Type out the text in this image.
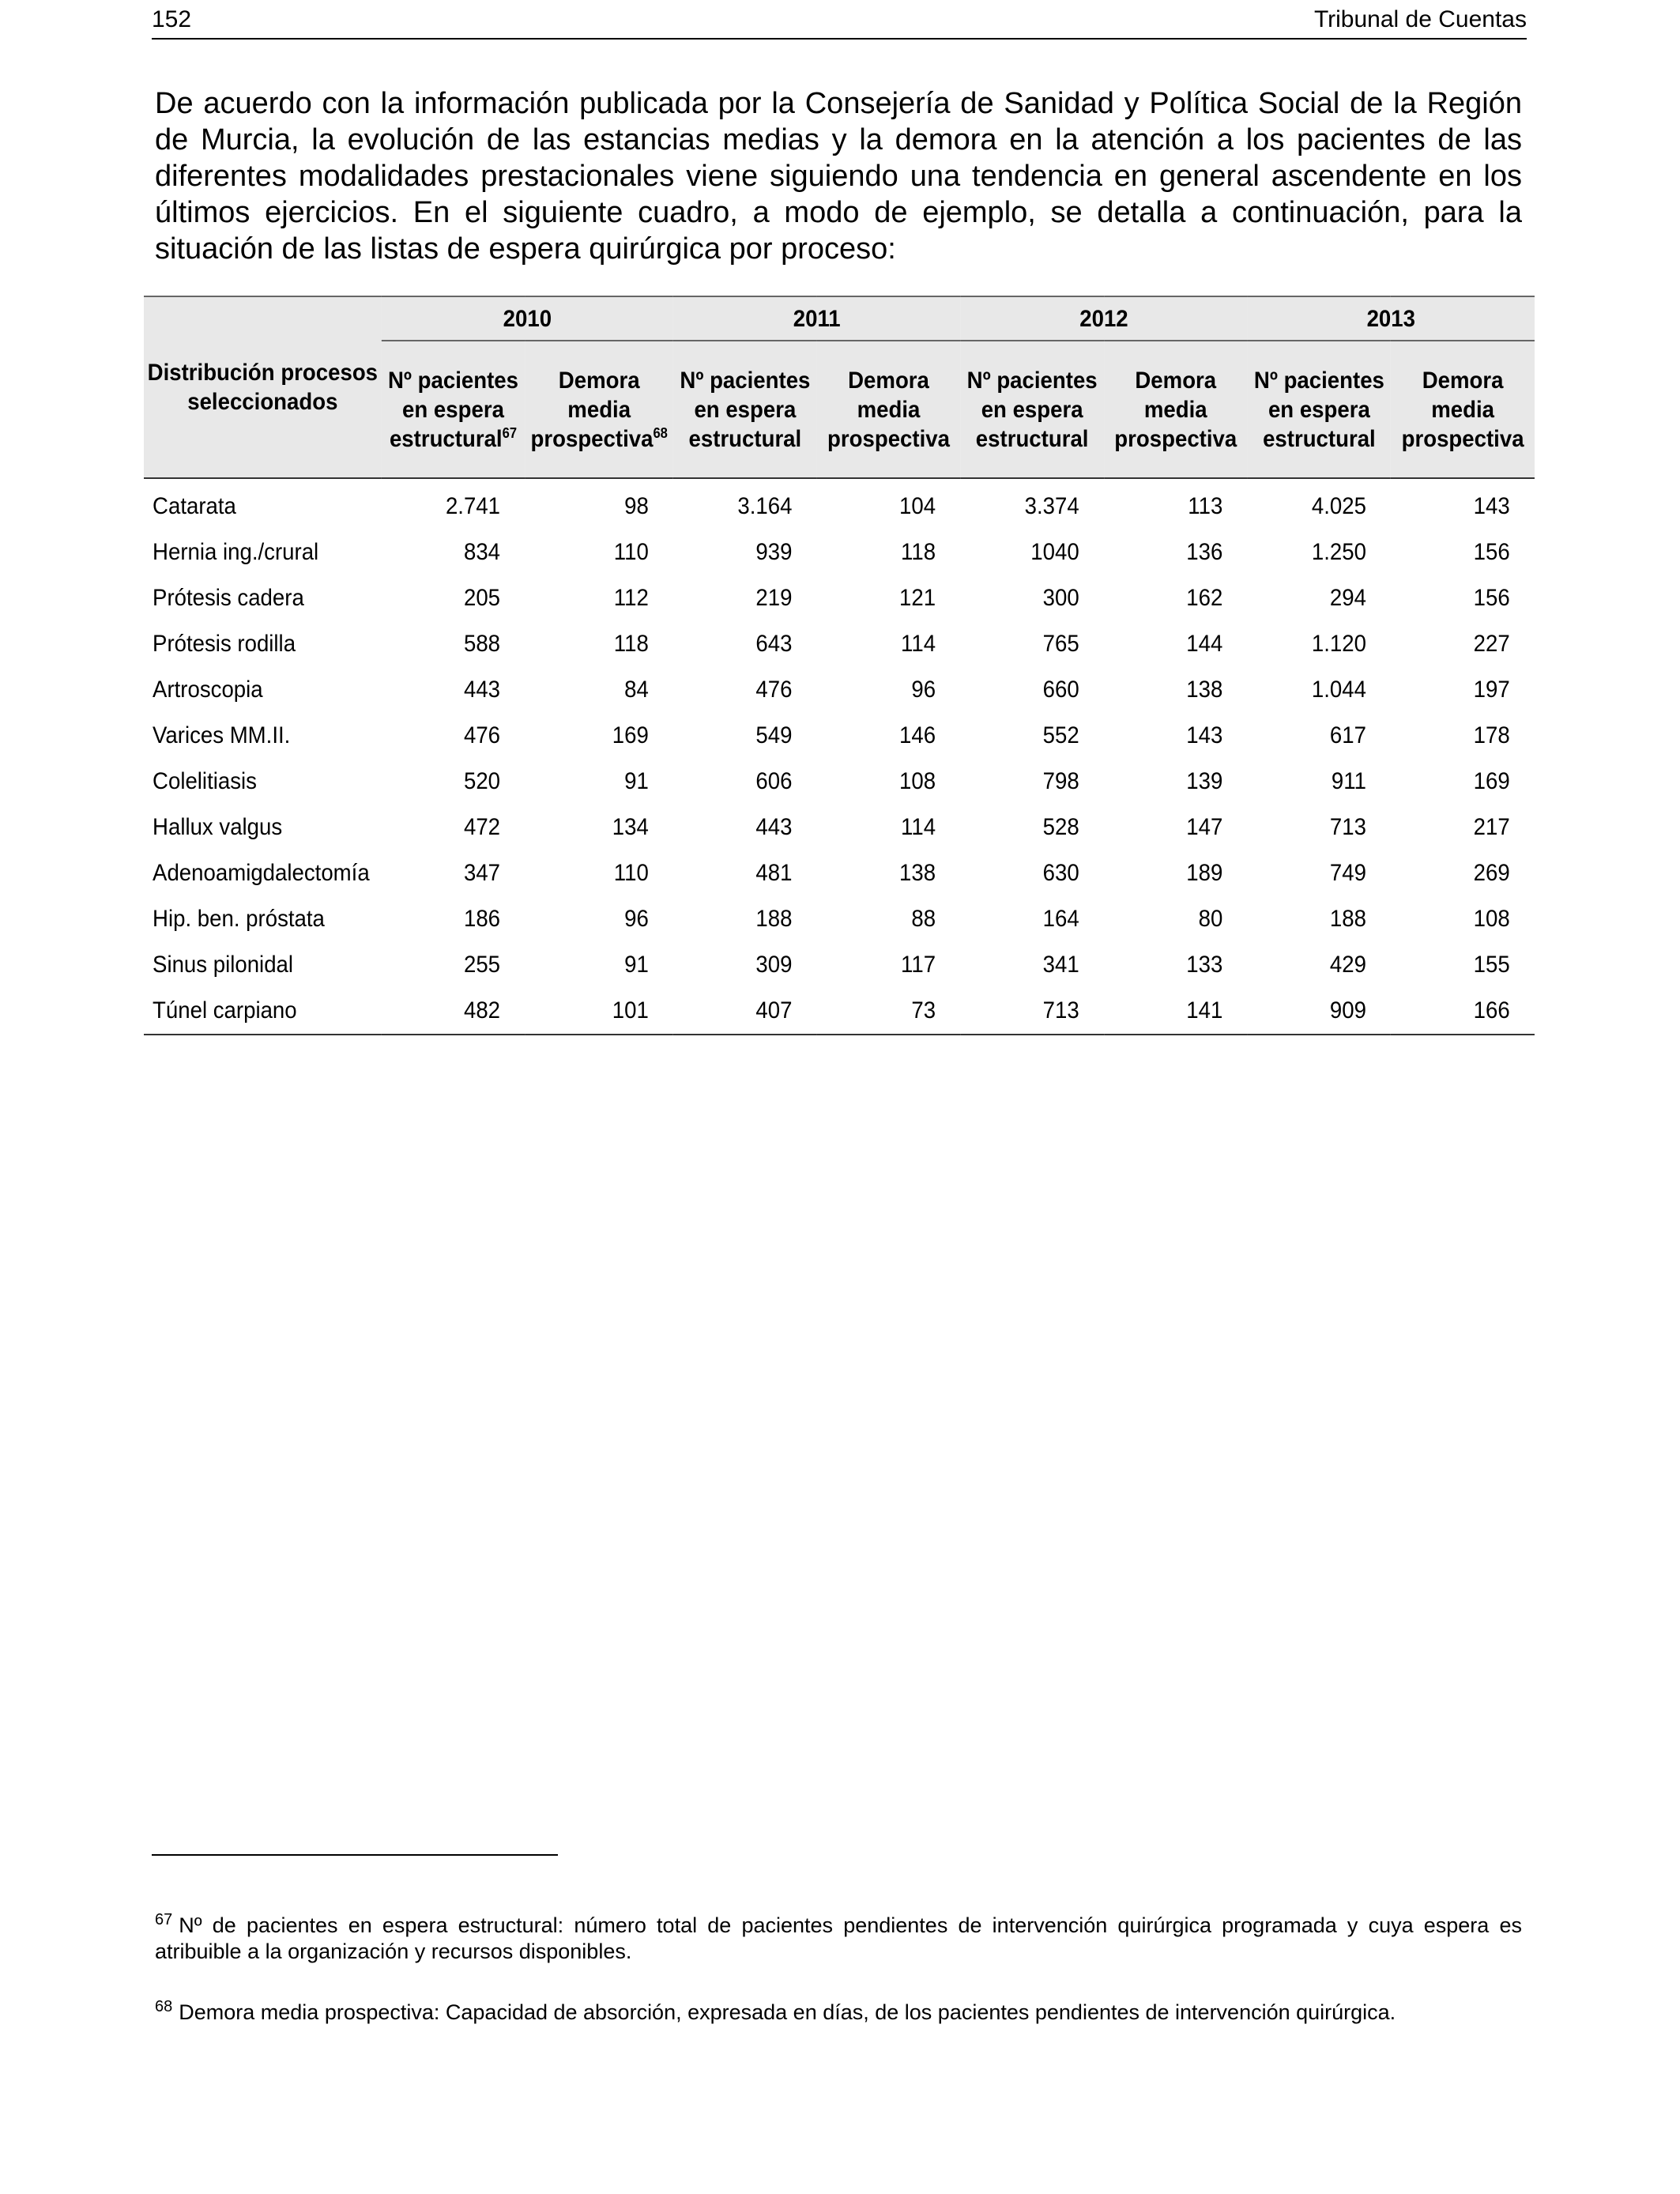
152	Tribunal de Cuentas

De acuerdo con la información publicada por la Consejería de Sanidad y Política Social de la Región de Murcia, la evolución de las estancias medias y la demora en la atención a los pacientes de las diferentes modalidades prestacionales viene siguiendo una tendencia en general ascendente en los últimos ejercicios. En el siguiente cuadro, a modo de ejemplo, se detalla a continuación, para la situación de las listas de espera quirúrgica por proceso:

Distribución procesos seleccionados	2010		2011		2012		2013	
	Nº pacientes en espera estructural$^{67}$	Demora media prospectiva$^{68}$	Nº pacientes en espera estructural	Demora media prospectiva	Nº pacientes en espera estructural	Demora media prospectiva	Nº pacientes en espera estructural	Demora media prospectiva
Catarata	2.741	98	3.164	104	3.374	113	4.025	143
Hernia ing./crural	834	110	939	118	1040	136	1.250	156
Prótesis cadera	205	112	219	121	300	162	294	156
Prótesis rodilla	588	118	643	114	765	144	1.120	227
Artroscopia	443	84	476	96	660	138	1.044	197
Varices MM.II.	476	169	549	146	552	143	617	178
Colelitiasis	520	91	606	108	798	139	911	169
Hallux valgus	472	134	443	114	528	147	713	217
Adenoamigdalectomía	347	110	481	138	630	189	749	269
Hip. ben. próstata	186	96	188	88	164	80	188	108
Sinus pilonidal	255	91	309	117	341	133	429	155
Túnel carpiano	482	101	407	73	713	141	909	166

$^{67}$ Nº de pacientes en espera estructural: número total de pacientes pendientes de intervención quirúrgica programada y cuya espera es atribuible a la organización y recursos disponibles.

$^{68}$ Demora media prospectiva: Capacidad de absorción, expresada en días, de los pacientes pendientes de intervención quirúrgica.
